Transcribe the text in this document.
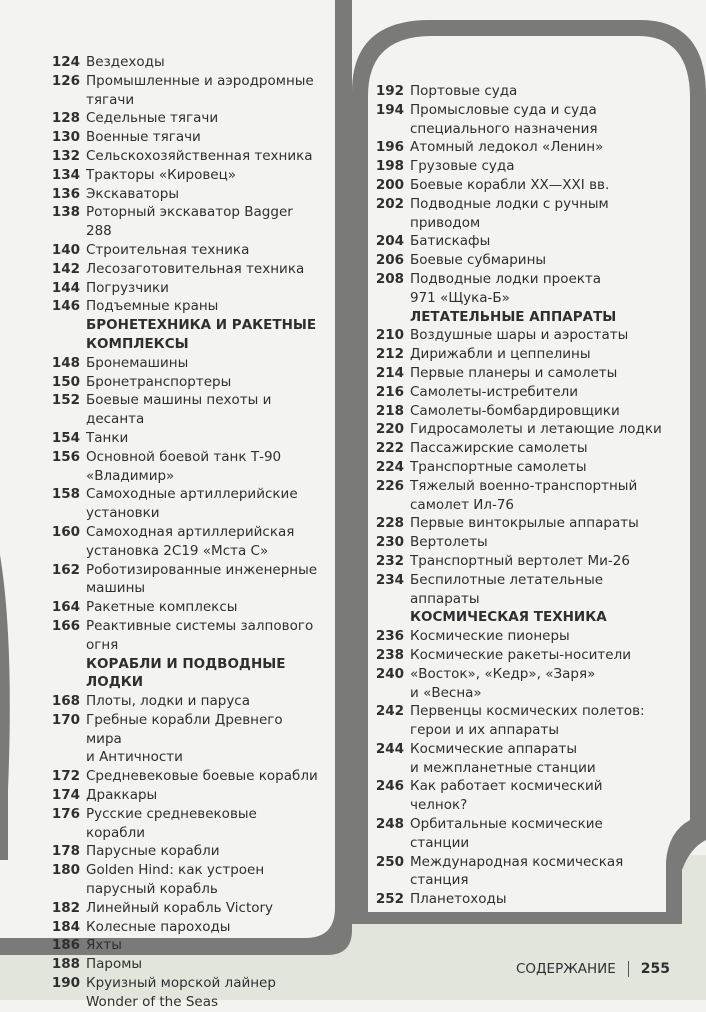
124 Вездеходы
126 Промышленные и аэродромные
тягачи
128 Седельные тягачи
130 Военные тягачи
132 Сельскохозяйственная техника
134 Тракторы «Кировец»
136 Экскаваторы
138 Роторный экскаватор Bagger 288
140 Строительная техника
142 Лесозаготовительная техника
144 Погрузчики
146 Подъемные краны
БРОНЕТЕХНИКА И РАКЕТНЫЕ
КОМПЛЕКСЫ
148 Бронемашины
150 Бронетранспортеры
152 Боевые машины пехоты и десанта
154 Танки
156 Основной боевой танк Т-90
«Владимир»
158 Самоходные артиллерийские
установки
160 Самоходная артиллерийская
установка 2С19 «Мста С»
162 Роботизированные инженерные
машины
164 Ракетные комплексы
166 Реактивные системы залпового
огня
КОРАБЛИ И ПОДВОДНЫЕ ЛОДКИ
168 Плоты, лодки и паруса
170 Гребные корабли Древнего мира
и Античности
172 Средневековые боевые корабли
174 Драккары
176 Русские средневековые корабли
178 Парусные корабли
180 Golden Hind: как устроен
парусный корабль
182 Линейный корабль Victory
184 Колесные пароходы
186 Яхты
188 Паромы
190 Круизный морской лайнер
Wonder of the Seas
192 Портовые суда
194 Промысловые суда и суда
специального назначения
196 Атомный ледокол «Ленин»
198 Грузовые суда
200 Боевые корабли XX—XXI вв.
202 Подводные лодки с ручным
приводом
204 Батискафы
206 Боевые субмарины
208 Подводные лодки проекта
971 «Щука-Б»
ЛЕТАТЕЛЬНЫЕ АППАРАТЫ
210 Воздушные шары и аэростаты
212 Дирижабли и цеппелины
214 Первые планеры и самолеты
216 Самолеты-истребители
218 Самолеты-бомбардировщики
220 Гидросамолеты и летающие лодки
222 Пассажирские самолеты
224 Транспортные самолеты
226 Тяжелый военно-транспортный
самолет Ил-76
228 Первые винтокрылые аппараты
230 Вертолеты
232 Транспортный вертолет Ми-26
234 Беспилотные летательные
аппараты
КОСМИЧЕСКАЯ ТЕХНИКА
236 Космические пионеры
238 Космические ракеты-носители
240 «Восток», «Кедр», «Заря»
и «Весна»
242 Первенцы космических полетов:
герои и их аппараты
244 Космические аппараты
и межпланетные станции
246 Как работает космический
челнок?
248 Орбитальные космические
станции
250 Международная космическая
станция
252 Планетоходы
СОДЕРЖАНИЕ 255
